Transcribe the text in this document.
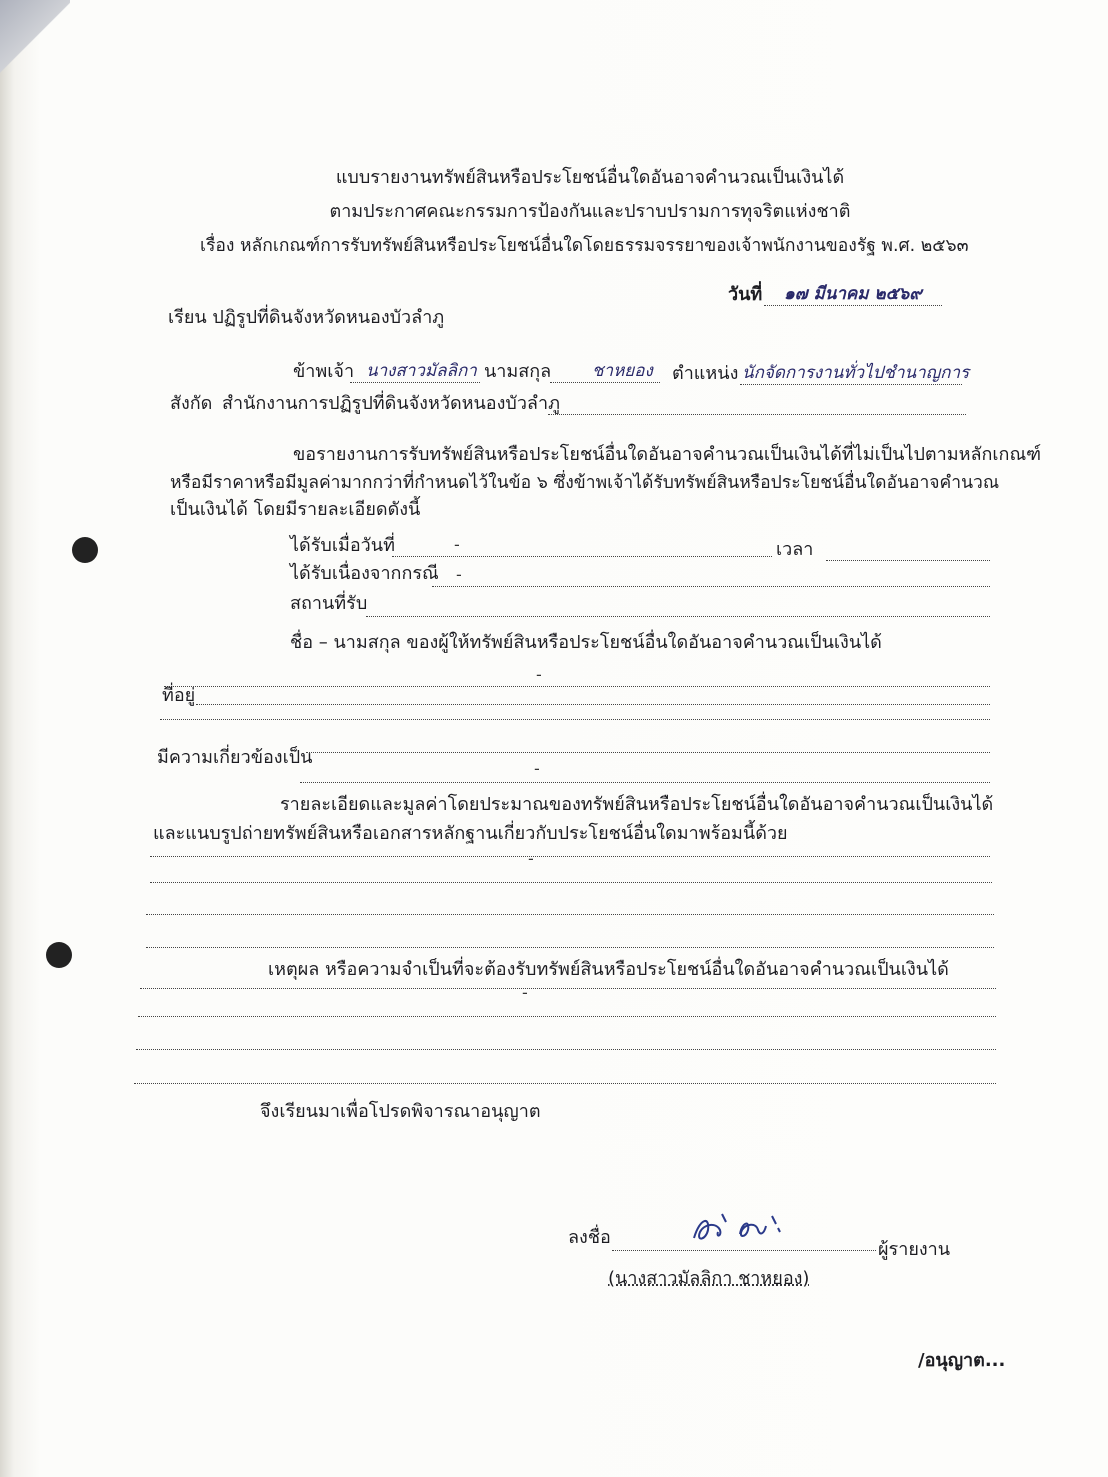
แบบรายงานทรัพย์สินหรือประโยชน์อื่นใดอันอาจคำนวณเป็นเงินได้
ตามประกาศคณะกรรมการป้องกันและปราบปรามการทุจริตแห่งชาติ
เรื่อง หลักเกณฑ์การรับทรัพย์สินหรือประโยชน์อื่นใดโดยธรรมจรรยาของเจ้าพนักงานของรัฐ พ.ศ. ๒๕๖๓
วันที่ ๑๗ มีนาคม ๒๕๖๙
เรียน ปฏิรูปที่ดินจังหวัดหนองบัวลำภู
ข้าพเจ้า นางสาวมัลลิกา นามสกุล ชาหยอง ตำแหน่ง นักจัดการงานทั่วไปชำนาญการ
สังกัด สำนักงานการปฏิรูปที่ดินจังหวัดหนองบัวลำภู
ขอรายงานการรับทรัพย์สินหรือประโยชน์อื่นใดอันอาจคำนวณเป็นเงินได้ที่ไม่เป็นไปตามหลักเกณฑ์
หรือมีราคาหรือมีมูลค่ามากกว่าที่กำหนดไว้ในข้อ ๖ ซึ่งข้าพเจ้าได้รับทรัพย์สินหรือประโยชน์อื่นใดอันอาจคำนวณ
เป็นเงินได้ โดยมีรายละเอียดดังนี้
ได้รับเมื่อวันที่	-	เวลา
ได้รับเนื่องจากกรณี -
สถานที่รับ
ชื่อ – นามสกุล ของผู้ให้ทรัพย์สินหรือประโยชน์อื่นใดอันอาจคำนวณเป็นเงินได้
-
ที่อยู่
มีความเกี่ยวข้องเป็น
-
รายละเอียดและมูลค่าโดยประมาณของทรัพย์สินหรือประโยชน์อื่นใดอันอาจคำนวณเป็นเงินได้
และแนบรูปถ่ายทรัพย์สินหรือเอกสารหลักฐานเกี่ยวกับประโยชน์อื่นใดมาพร้อมนี้ด้วย
-
เหตุผล หรือความจำเป็นที่จะต้องรับทรัพย์สินหรือประโยชน์อื่นใดอันอาจคำนวณเป็นเงินได้
-
จึงเรียนมาเพื่อโปรดพิจารณาอนุญาต
ลงชื่อ
ผู้รายงาน
(นางสาวมัลลิกา ชาหยอง)
/อนุญาต...
